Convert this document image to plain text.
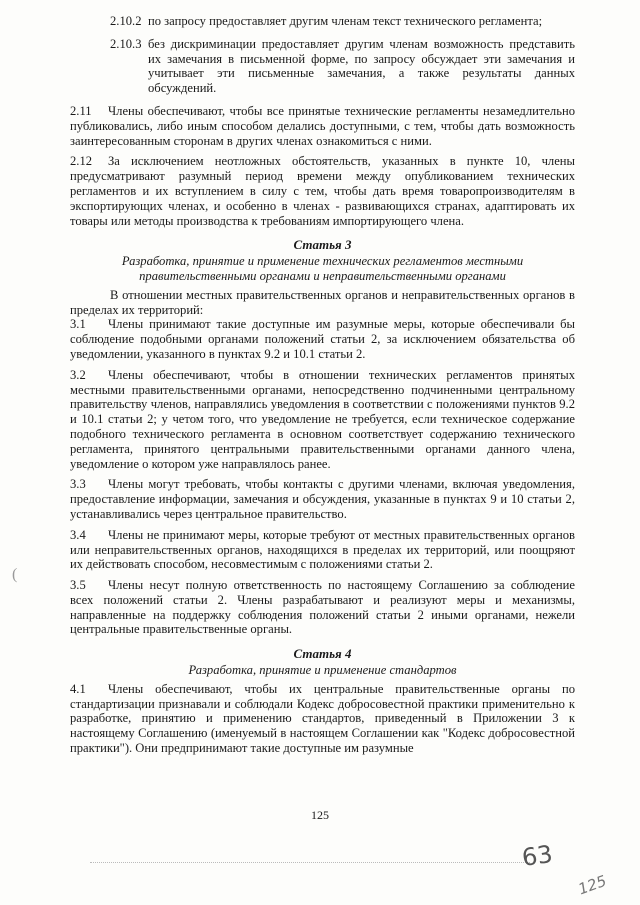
2.10.2 по запросу предоставляет другим членам текст технического регламента;
2.10.3 без дискриминации предоставляет другим членам возможность представить их замечания в письменной форме, по запросу обсуждает эти замечания и учитывает эти письменные замечания, а также результаты данных обсуждений.

2.11 Члены обеспечивают, чтобы все принятые технические регламенты незамедлительно публиковались, либо иным способом делались доступными, с тем, чтобы дать возможность заинтересованным сторонам в других членах ознакомиться с ними.

2.12 За исключением неотложных обстоятельств, указанных в пункте 10, члены предусматривают разумный период времени между опубликованием технических регламентов и их вступлением в силу с тем, чтобы дать время товаропроизводителям в экспортирующих членах, и особенно в членах - развивающихся странах, адаптировать их товары или методы производства к требованиям импортирующего члена.

Статья 3
Разработка, принятие и применение технических регламентов местными правительственными органами и неправительственными органами

В отношении местных правительственных органов и неправительственных органов в пределах их территорий:

3.1 Члены принимают такие доступные им разумные меры, которые обеспечивали бы соблюдение подобными органами положений статьи 2, за исключением обязательства об уведомлении, указанного в пунктах 9.2 и 10.1 статьи 2.

3.2 Члены обеспечивают, чтобы в отношении технических регламентов принятых местными правительственными органами, непосредственно подчиненными центральному правительству членов, направлялись уведомления в соответствии с положениями пунктов 9.2 и 10.1 статьи 2; у четом того, что уведомление не требуется, если техническое содержание подобного технического регламента в основном соответствует содержанию технического регламента, принятого центральными правительственными органами данного члена, уведомление о котором уже направлялось ранее.

3.3 Члены могут требовать, чтобы контакты с другими членами, включая уведомления, предоставление информации, замечания и обсуждения, указанные в пунктах 9 и 10 статьи 2, устанавливались через центральное правительство.

3.4 Члены не принимают меры, которые требуют от местных правительственных органов или неправительственных органов, находящихся в пределах их территорий, или поощряют их действовать способом, несовместимым с положениями статьи 2.

3.5 Члены несут полную ответственность по настоящему Соглашению за соблюдение всех положений статьи 2. Члены разрабатывают и реализуют меры и механизмы, направленные на поддержку соблюдения положений статьи 2 иными органами, нежели центральные правительственные органы.

Статья 4
Разработка, принятие и применение стандартов

4.1 Члены обеспечивают, чтобы их центральные правительственные органы по стандартизации признавали и соблюдали Кодекс добросовестной практики применительно к разработке, принятию и применению стандартов, приведенный в Приложении 3 к настоящему Соглашению (именуемый в настоящем Соглашении как "Кодекс добросовестной практики"). Они предпринимают такие доступные им разумные

125
(
63
125
